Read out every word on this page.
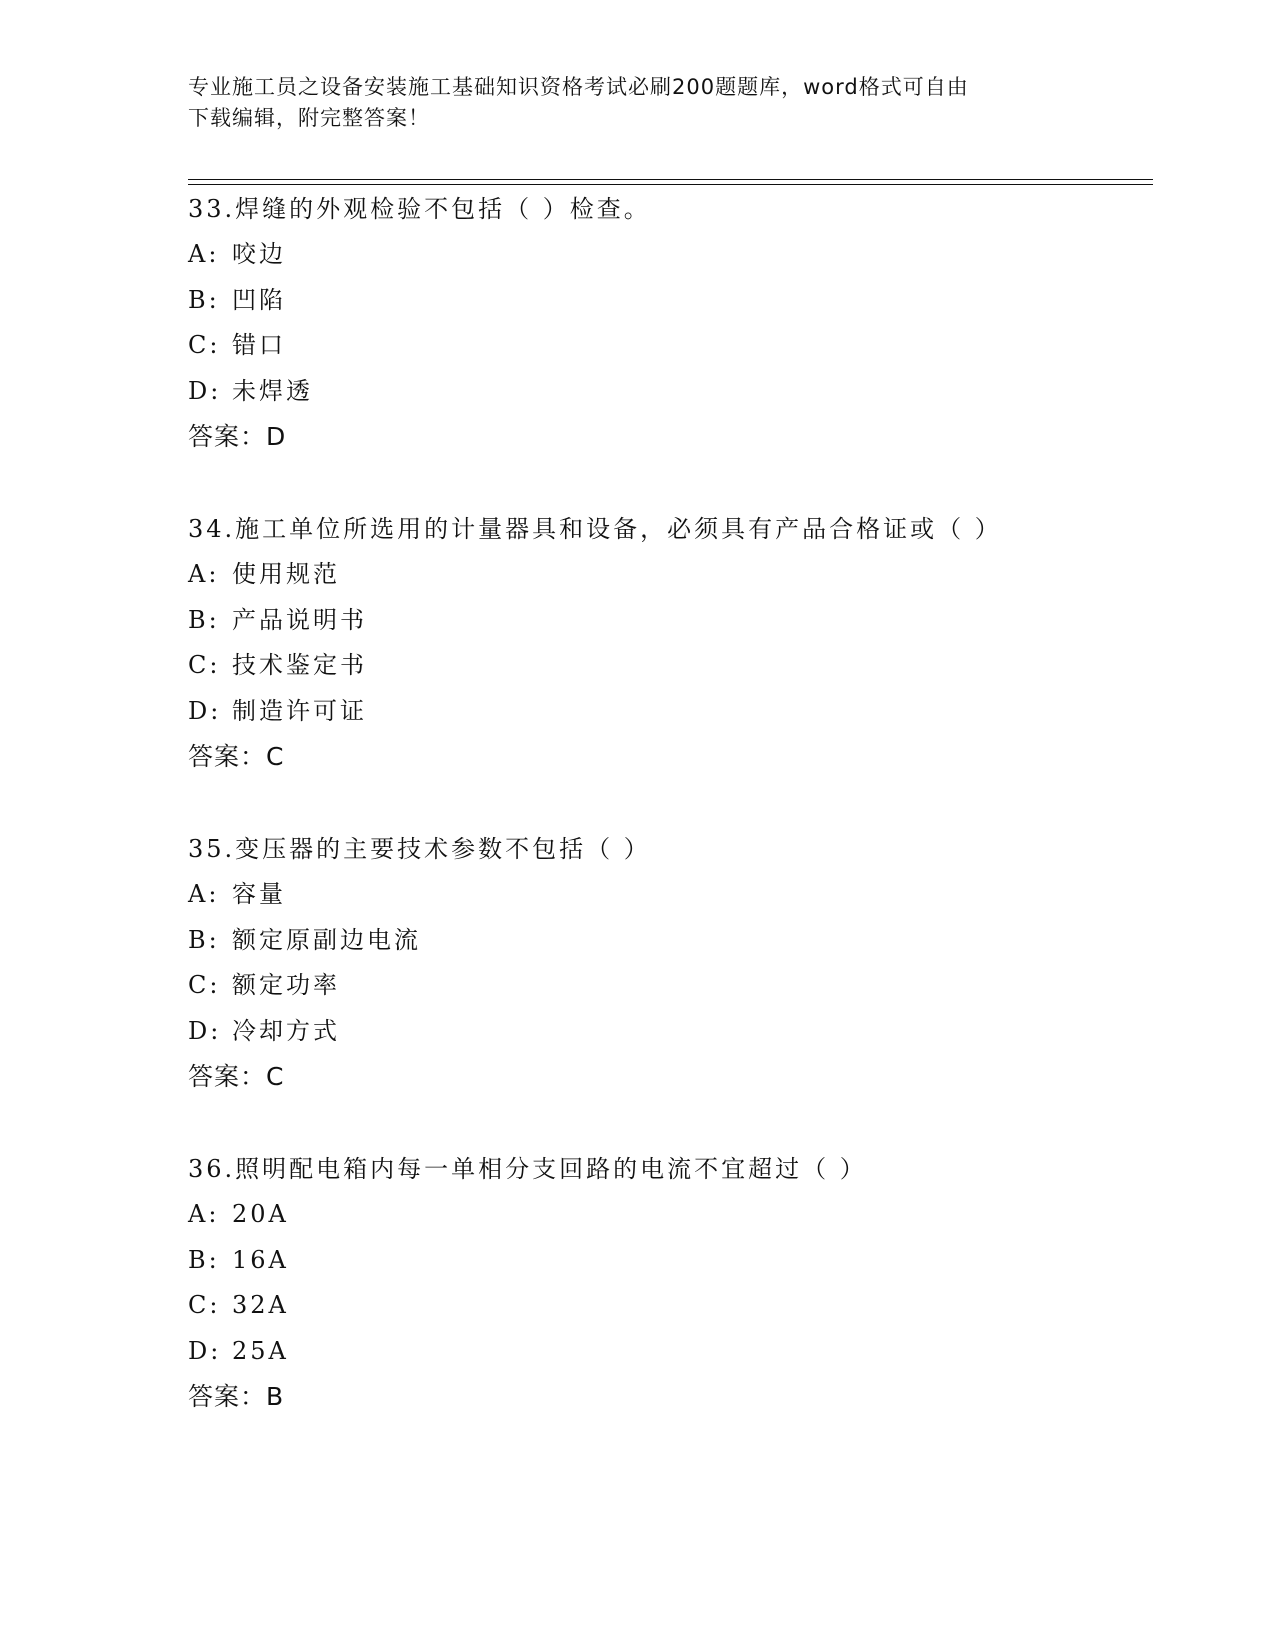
专业施工员之设备安装施工基础知识资格考试必刷200题题库，word格式可自由
下载编辑，附完整答案！
33.焊缝的外观检验不包括（ ）检查。
A: 咬边
B: 凹陷
C: 错口
D: 未焊透
答案：D
34.施工单位所选用的计量器具和设备，必须具有产品合格证或（ ）
A: 使用规范
B: 产品说明书
C: 技术鉴定书
D: 制造许可证
答案：C
35.变压器的主要技术参数不包括（ ）
A: 容量
B: 额定原副边电流
C: 额定功率
D: 冷却方式
答案：C
36.照明配电箱内每一单相分支回路的电流不宜超过（ ）
A: 20A
B: 16A
C: 32A
D: 25A
答案：B
